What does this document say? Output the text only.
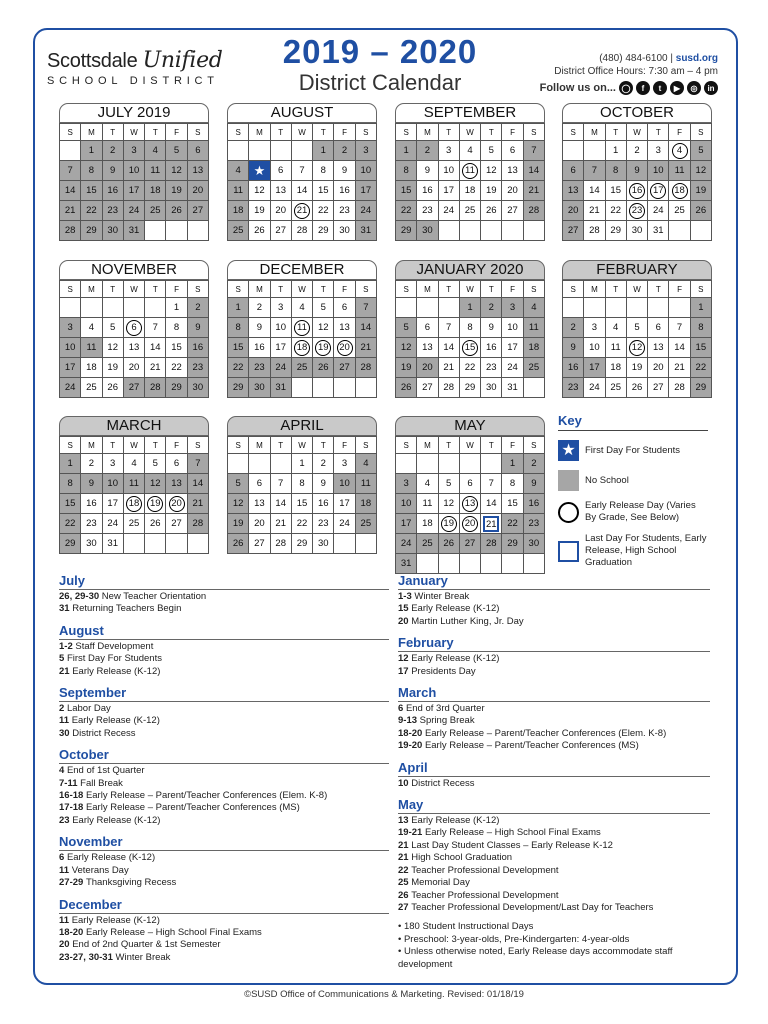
Scottsdale Unified
SCHOOL DISTRICT
2019 – 2020
District Calendar
(480) 484-6100 | susd.org
District Office Hours: 7:30 am – 4 pm
Follow us on... ◯	f	t	▶	◎	in
JULY 2019
S	M	T	W	T	F	S
	1	2	3	4	5	6
7	8	9	10	11	12	13
14	15	16	17	18	19	20
21	22	23	24	25	26	27
28	29	30	31			
AUGUST
S	M	T	W	T	F	S
				1	2	3
4	★	6	7	8	9	10
11	12	13	14	15	16	17
18	19	20	21	22	23	24
25	26	27	28	29	30	31
SEPTEMBER
S	M	T	W	T	F	S
1	2	3	4	5	6	7
8	9	10	11	12	13	14
15	16	17	18	19	20	21
22	23	24	25	26	27	28
29	30					
OCTOBER
S	M	T	W	T	F	S
		1	2	3	4	5
6	7	8	9	10	11	12
13	14	15	16	17	18	19
20	21	22	23	24	25	26
27	28	29	30	31		
NOVEMBER
S	M	T	W	T	F	S
					1	2
3	4	5	6	7	8	9
10	11	12	13	14	15	16
17	18	19	20	21	22	23
24	25	26	27	28	29	30
DECEMBER
S	M	T	W	T	F	S
1	2	3	4	5	6	7
8	9	10	11	12	13	14
15	16	17	18	19	20	21
22	23	24	25	26	27	28
29	30	31				
JANUARY 2020
S	M	T	W	T	F	S
			1	2	3	4
5	6	7	8	9	10	11
12	13	14	15	16	17	18
19	20	21	22	23	24	25
26	27	28	29	30	31	
FEBRUARY
S	M	T	W	T	F	S
						1
2	3	4	5	6	7	8
9	10	11	12	13	14	15
16	17	18	19	20	21	22
23	24	25	26	27	28	29
MARCH
S	M	T	W	T	F	S
1	2	3	4	5	6	7
8	9	10	11	12	13	14
15	16	17	18	19	20	21
22	23	24	25	26	27	28
29	30	31				
APRIL
S	M	T	W	T	F	S
			1	2	3	4
5	6	7	8	9	10	11
12	13	14	15	16	17	18
19	20	21	22	23	24	25
26	27	28	29	30		
MAY
S	M	T	W	T	F	S
					1	2
3	4	5	6	7	8	9
10	11	12	13	14	15	16
17	18	19	20	21	22	23
24	25	26	27	28	29	30
31						
Key
★ First Day For Students
No School
Early Release Day (Varies By Grade, See Below)
Last Day For Students, Early Release, High School Graduation
July
26, 29-30 New Teacher Orientation
31 Returning Teachers Begin
August
1-2 Staff Development
5 First Day For Students
21 Early Release (K-12)
September
2 Labor Day
11 Early Release (K-12)
30 District Recess
October
4 End of 1st Quarter
7-11 Fall Break
16-18 Early Release – Parent/Teacher Conferences (Elem. K-8)
17-18 Early Release – Parent/Teacher Conferences (MS)
23 Early Release (K-12)
November
6 Early Release (K-12)
11 Veterans Day
27-29 Thanksgiving Recess
December
11 Early Release (K-12)
18-20 Early Release – High School Final Exams
20 End of 2nd Quarter & 1st Semester
23-27, 30-31 Winter Break
January
1-3 Winter Break
15 Early Release (K-12)
20 Martin Luther King, Jr. Day
February
12 Early Release (K-12)
17 Presidents Day
March
6 End of 3rd Quarter
9-13 Spring Break
18-20 Early Release – Parent/Teacher Conferences (Elem. K-8)
19-20 Early Release – Parent/Teacher Conferences (MS)
April
10 District Recess
May
13 Early Release (K-12)
19-21 Early Release – High School Final Exams
21 Last Day Student Classes – Early Release K-12
21 High School Graduation
22 Teacher Professional Development
25 Memorial Day
26 Teacher Professional Development
27 Teacher Professional Development/Last Day for Teachers
• 180 Student Instructional Days
• Preschool: 3-year-olds, Pre-Kindergarten: 4-year-olds
• Unless otherwise noted, Early Release days accommodate staff development
©SUSD Office of Communications & Marketing. Revised: 01/18/19
